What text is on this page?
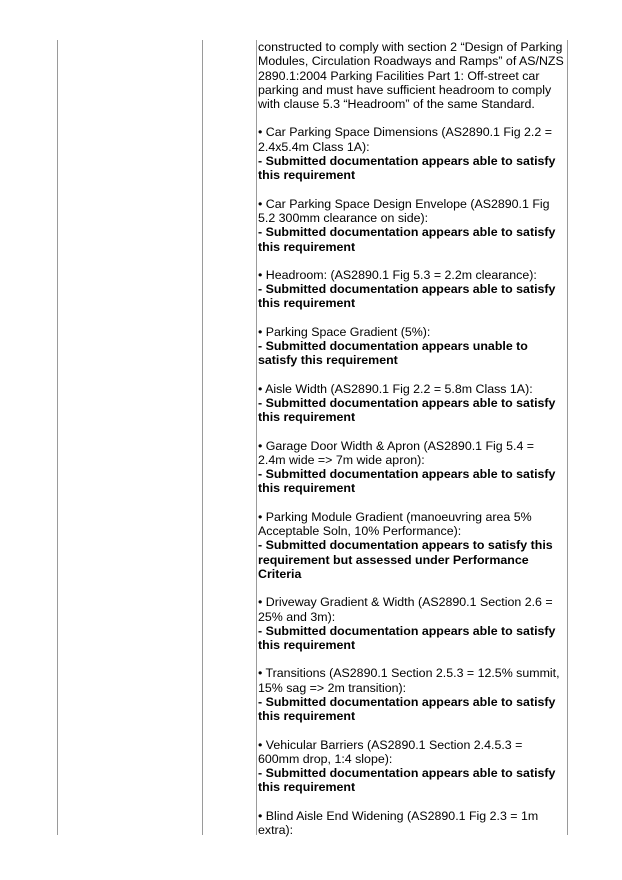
constructed to comply with section 2 “Design of Parking Modules, Circulation Roadways and Ramps” of AS/NZS 2890.1:2004 Parking Facilities Part 1: Off-street car parking and must have sufficient headroom to comply with clause 5.3 “Headroom” of the same Standard.

• Car Parking Space Dimensions (AS2890.1 Fig 2.2 = 2.4x5.4m Class 1A):
- Submitted documentation appears able to satisfy this requirement
• Car Parking Space Design Envelope (AS2890.1 Fig 5.2 300mm clearance on side):
- Submitted documentation appears able to satisfy this requirement
• Headroom: (AS2890.1 Fig 5.3 = 2.2m clearance):
- Submitted documentation appears able to satisfy this requirement
• Parking Space Gradient (5%):
- Submitted documentation appears unable to satisfy this requirement
• Aisle Width (AS2890.1 Fig 2.2 = 5.8m Class 1A):
- Submitted documentation appears able to satisfy this requirement
• Garage Door Width & Apron (AS2890.1 Fig 5.4 = 2.4m wide => 7m wide apron):
- Submitted documentation appears able to satisfy this requirement
• Parking Module Gradient (manoeuvring area 5% Acceptable Soln, 10% Performance):
- Submitted documentation appears to satisfy this requirement but assessed under Performance Criteria
• Driveway Gradient & Width (AS2890.1 Section 2.6 = 25% and 3m):
- Submitted documentation appears able to satisfy this requirement
• Transitions (AS2890.1 Section 2.5.3 = 12.5% summit, 15% sag => 2m transition):
- Submitted documentation appears able to satisfy this requirement
• Vehicular Barriers (AS2890.1 Section 2.4.5.3 = 600mm drop, 1:4 slope):
- Submitted documentation appears able to satisfy this requirement
• Blind Aisle End Widening (AS2890.1 Fig 2.3 = 1m extra):
